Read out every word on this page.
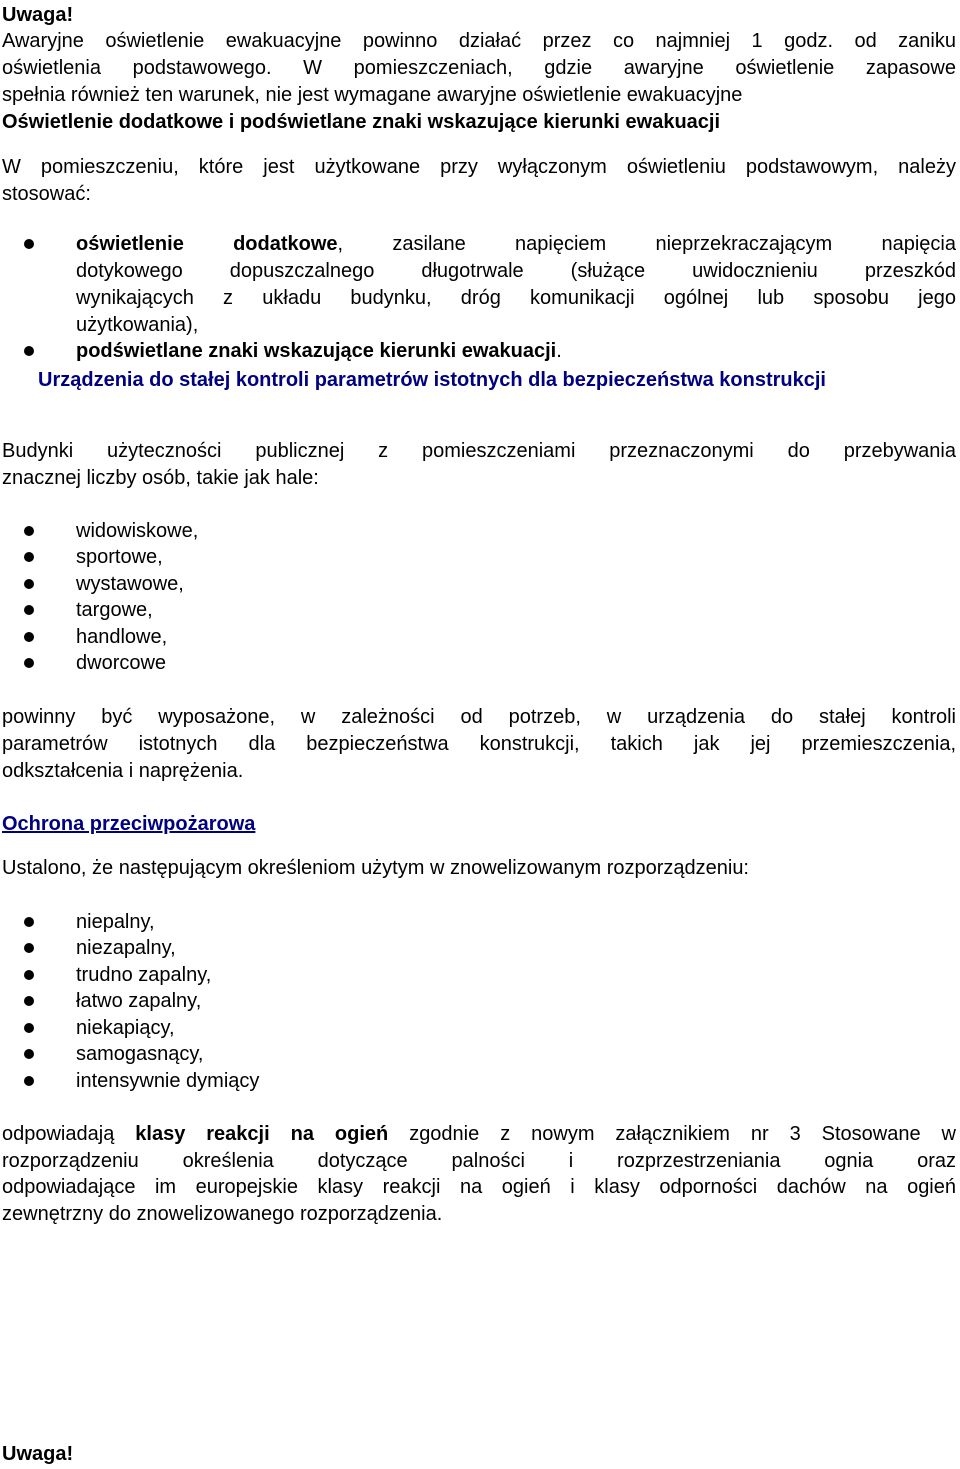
Uwaga!
Awaryjne oświetlenie ewakuacyjne powinno działać przez co najmniej 1 godz. od zaniku
oświetlenia podstawowego. W pomieszczeniach, gdzie awaryjne oświetlenie zapasowe
spełnia również ten warunek, nie jest wymagane awaryjne oświetlenie ewakuacyjne
Oświetlenie dodatkowe i podświetlane znaki wskazujące kierunki ewakuacji
W pomieszczeniu, które jest użytkowane przy wyłączonym oświetleniu podstawowym, należy
stosować:
oświetlenie dodatkowe, zasilane napięciem nieprzekraczającym napięcia
dotykowego dopuszczalnego długotrwale (służące uwidocznieniu przeszkód
wynikających z układu budynku, dróg komunikacji ogólnej lub sposobu jego
użytkowania),
podświetlane znaki wskazujące kierunki ewakuacji.
Urządzenia do stałej kontroli parametrów istotnych dla bezpieczeństwa konstrukcji
Budynki użyteczności publicznej z pomieszczeniami przeznaczonymi do przebywania
znacznej liczby osób, takie jak hale:
widowiskowe,
sportowe,
wystawowe,
targowe,
handlowe,
dworcowe
powinny być wyposażone, w zależności od potrzeb, w urządzenia do stałej kontroli
parametrów istotnych dla bezpieczeństwa konstrukcji, takich jak jej przemieszczenia,
odkształcenia i naprężenia.
Ochrona przeciwpożarowa
Ustalono, że następującym określeniom użytym w znowelizowanym rozporządzeniu:
niepalny,
niezapalny,
trudno zapalny,
łatwo zapalny,
niekapiący,
samogasnący,
intensywnie dymiący
odpowiadają klasy reakcji na ogień zgodnie z nowym załącznikiem nr 3 Stosowane w
rozporządzeniu określenia dotyczące palności i rozprzestrzeniania ognia oraz
odpowiadające im europejskie klasy reakcji na ogień i klasy odporności dachów na ogień
zewnętrzny do znowelizowanego rozporządzenia.
Uwaga!
